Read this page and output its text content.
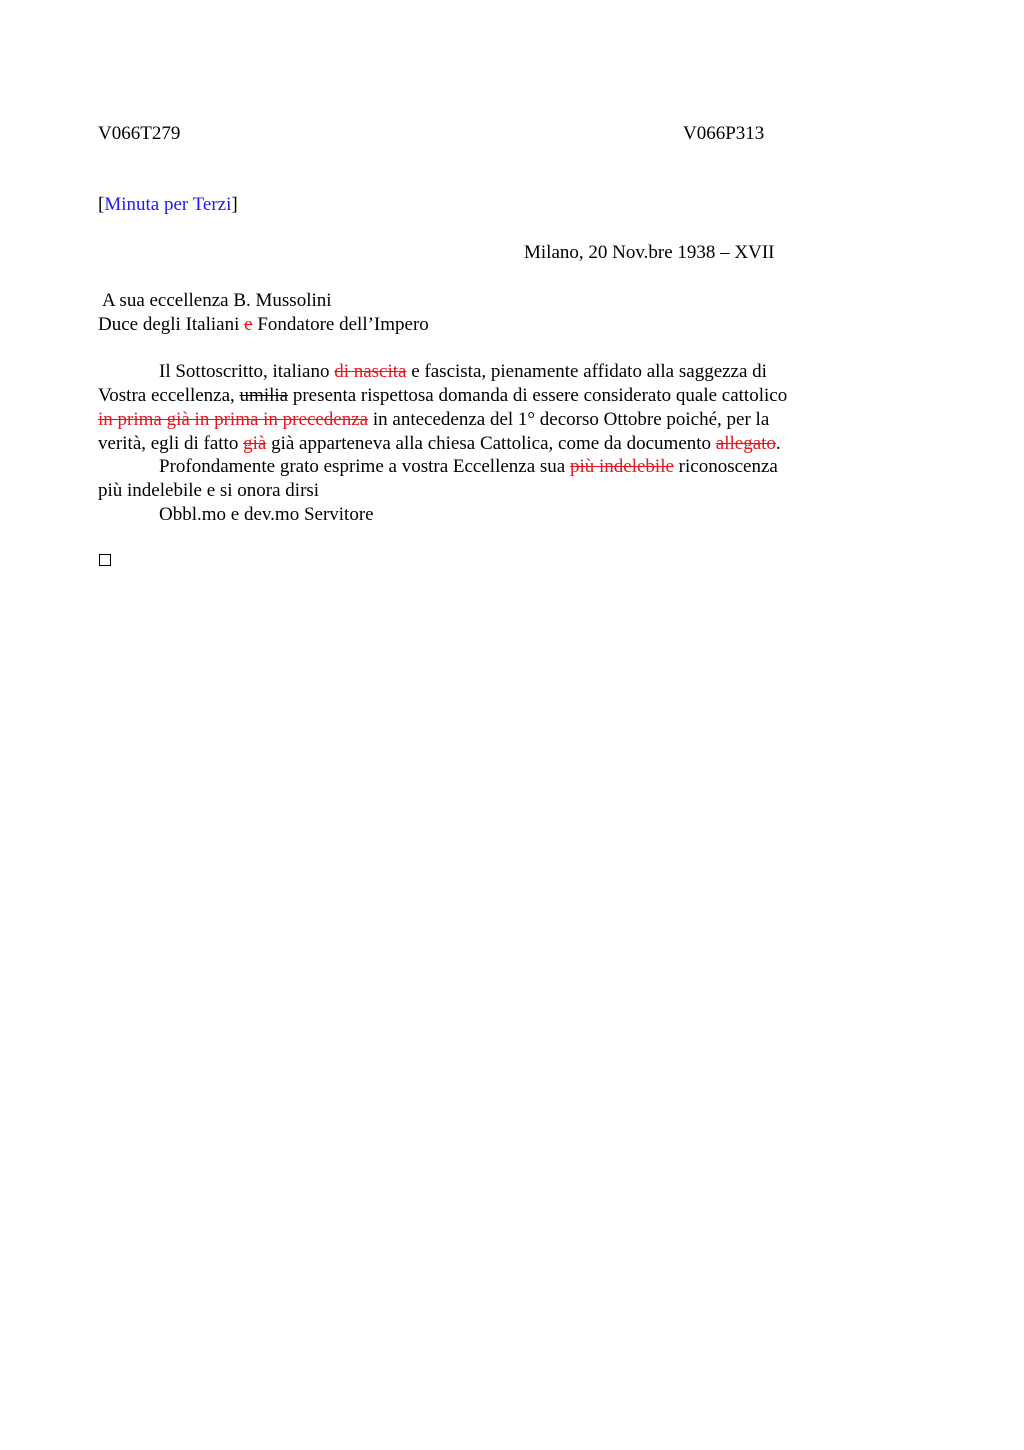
V066T279	V066P313
[Minuta per Terzi]
Milano, 20 Nov.bre 1938 – XVII
A sua eccellenza B. Mussolini
Duce degli Italiani e Fondatore dell’Impero
Il Sottoscritto, italiano di nascita e fascista, pienamente affidato alla saggezza di
Vostra eccellenza, umilia presenta rispettosa domanda di essere considerato quale cattolico
in prima già in prima in precedenza in antecedenza del 1° decorso Ottobre poiché, per la
verità, egli di fatto già già apparteneva alla chiesa Cattolica, come da documento allegato.
Profondamente grato esprime a vostra Eccellenza sua più indelebile riconoscenza
più indelebile e si onora dirsi
Obbl.mo e dev.mo Servitore
